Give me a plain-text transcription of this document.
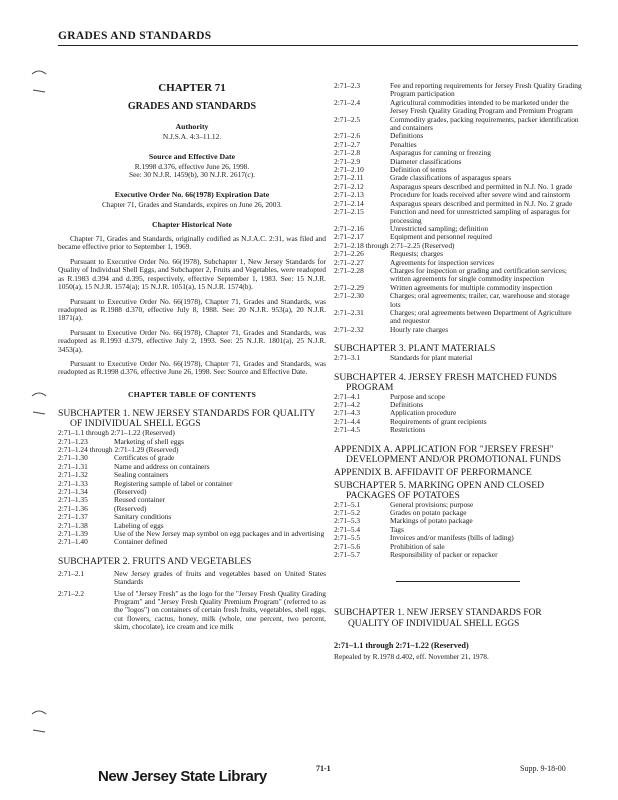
GRADES AND STANDARDS
CHAPTER 71
GRADES AND STANDARDS
Authority
N.J.S.A. 4:3–11.12.
Source and Effective Date
R.1998 d.376, effective June 26, 1998.
See: 30 N.J.R. 1459(b), 30 N.J.R. 2617(c).
Executive Order No. 66(1978) Expiration Date
Chapter 71, Grades and Standards, expires on June 26, 2003.
Chapter Historical Note

Chapter 71, Grades and Standards, originally codified as N.J.A.C. 2:31, was filed and became effective prior to September 1, 1969.

Pursuant to Executive Order No. 66(1978), Subchapter 1, New Jersey Standards for Quality of Individual Shell Eggs, and Subchapter 2, Fruits and Vegetables, were readopted as R.1983 d.394 and d.395, respectively, effective September 1, 1983. See: 15 N.J.R. 1050(a), 15 N.J.R. 1574(a); 15 N.J.R. 1051(a), 15 N.J.R. 1574(b).

Pursuant to Executive Order No. 66(1978), Chapter 71, Grades and Standards, was readopted as R.1988 d.370, effective July 8, 1988. See: 20 N.J.R. 953(a), 20 N.J.R. 1871(a).

Pursuant to Executive Order No. 66(1978), Chapter 71, Grades and Standards, was readopted as R.1993 d.379, effective July 2, 1993. See: 25 N.J.R. 1801(a), 25 N.J.R. 3453(a).

Pursuant to Executive Order No. 66(1978), Chapter 71, Grades and Standards, was readopted as R.1998 d.376, effective June 26, 1998. See: Source and Effective Date.

CHAPTER TABLE OF CONTENTS
SUBCHAPTER 1. NEW JERSEY STANDARDS FOR QUALITY OF INDIVIDUAL SHELL EGGS
2:71–1.1 through 2:71–1.22 (Reserved)
2:71–1.23	Marketing of shell eggs
2:71–1.24 through 2:71–1.29 (Reserved)
2:71–1.30	Certificates of grade
2:71–1.31	Name and address on containers
2:71–1.32	Sealing containers
2:71–1.33	Registering sample of label or container
2:71–1.34	(Reserved)
2:71–1.35	Reused container
2:71–1.36	(Reserved)
2:71–1.37	Sanitary conditions
2:71–1.38	Labeling of eggs
2:71–1.39	Use of the New Jersey map symbol on egg packages and in advertising
2:71–1.40	Container defined
SUBCHAPTER 2. FRUITS AND VEGETABLES
2:71–2.1	New Jersey grades of fruits and vegetables based on United States Standards
2:71–2.2	Use of "Jersey Fresh" as the logo for the "Jersey Fresh Quality Grading Program" and "Jersey Fresh Quality Premium Program" (referred to as the "logos") on containers of certain fresh fruits, vegetables, shell eggs, cut flowers, cactus, honey, milk (whole, one percent, two percent, skim, chocolate), ice cream and ice milk
2:71–2.3	Fee and reporting requirements for Jersey Fresh Quality Grading Program participation
2:71–2.4	Agricultural commodities intended to be marketed under the Jersey Fresh Quality Grading Program and Premium Program
2:71–2.5	Commodity grades, packing requirements, packer identification and containers
2:71–2.6	Definitions
2:71–2.7	Penalties
2:71–2.8	Asparagus for canning or freezing
2:71–2.9	Diameter classifications
2:71–2.10	Definition of terms
2:71–2.11	Grade classifications of asparagus spears
2:71–2.12	Asparagus spears described and permitted in N.J. No. 1 grade
2:71–2.13	Procedure for loads received after severe wind and rainstorm
2:71–2.14	Asparagus spears described and permitted in N.J. No. 2 grade
2:71–2.15	Function and need for unrestricted sampling of asparagus for processing
2:71–2.16	Unrestricted sampling; definition
2:71–2.17	Equipment and personnel required
2:71–2.18 through 2:71–2.25 (Reserved)
2:71–2.26	Requests; charges
2:71–2.27	Agreements for inspection services
2:71–2.28	Charges for inspection or grading and certification services; written agreements for single commodity inspection
2:71–2.29	Written agreements for multiple commodity inspection
2:71–2.30	Charges; oral agreements; trailer, car, warehouse and storage lots
2:71–2.31	Charges; oral agreements between Department of Agriculture and requestor
2:71–2.32	Hourly rate charges
SUBCHAPTER 3. PLANT MATERIALS
2:71–3.1	Standards for plant material
SUBCHAPTER 4. JERSEY FRESH MATCHED FUNDS PROGRAM
2:71–4.1	Purpose and scope
2:71–4.2	Definitions
2:71–4.3	Application procedure
2:71–4.4	Requirements of grant recipients
2:71–4.5	Restrictions
APPENDIX A. APPLICATION FOR "JERSEY FRESH" DEVELOPMENT AND/OR PROMOTIONAL FUNDS
APPENDIX B. AFFIDAVIT OF PERFORMANCE
SUBCHAPTER 5. MARKING OPEN AND CLOSED PACKAGES OF POTATOES
2:71–5.1	General provisions; purpose
2:71–5.2	Grades on potato package
2:71–5.3	Markings of potato package
2:71–5.4	Tags
2:71–5.5	Invoices and/or manifests (bills of lading)
2:71–5.6	Prohibition of sale
2:71–5.7	Responsibility of packer or repacker
SUBCHAPTER 1. NEW JERSEY STANDARDS FOR QUALITY OF INDIVIDUAL SHELL EGGS
2:71–1.1 through 2:71–1.22 (Reserved)
Repealed by R.1978 d.402, eff. November 21, 1978.
71-1	Supp. 9-18-00
New Jersey State Library
